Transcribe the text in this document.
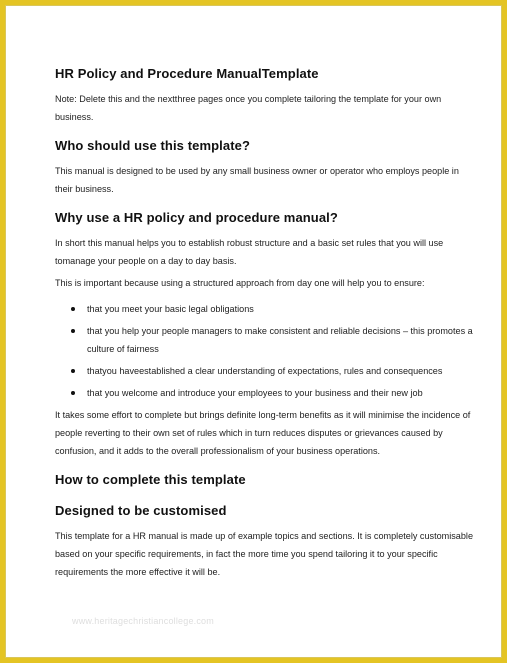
HR Policy and Procedure ManualTemplate

Note: Delete this and the nextthree pages once you complete tailoring the template for your own business.

Who should use this template?

This manual is designed to be used by any small business owner or operator who employs people in their business.

Why use a HR policy and procedure manual?

In short this manual helps you to establish robust structure and a basic set rules that you will use tomanage your people on a day to day basis.

This is important because using a structured approach from day one will help you to ensure:

that you meet your basic legal obligations
that you help your people managers to make consistent and reliable decisions – this promotes a culture of fairness
thatyou haveestablished a clear understanding of expectations, rules and consequences
that you welcome and introduce your employees to your business and their new job

It takes some effort to complete but brings definite long-term benefits as it will minimise the incidence of people reverting to their own set of rules which in turn reduces disputes or grievances caused by confusion, and it adds to the overall professionalism of your business operations.

How to complete this template
Designed to be customised

This template for a HR manual is made up of example topics and sections. It is completely customisable based on your specific requirements, in fact the more time you spend tailoring it to your specific requirements the more effective it will be.

www.heritagechristiancollege.com
